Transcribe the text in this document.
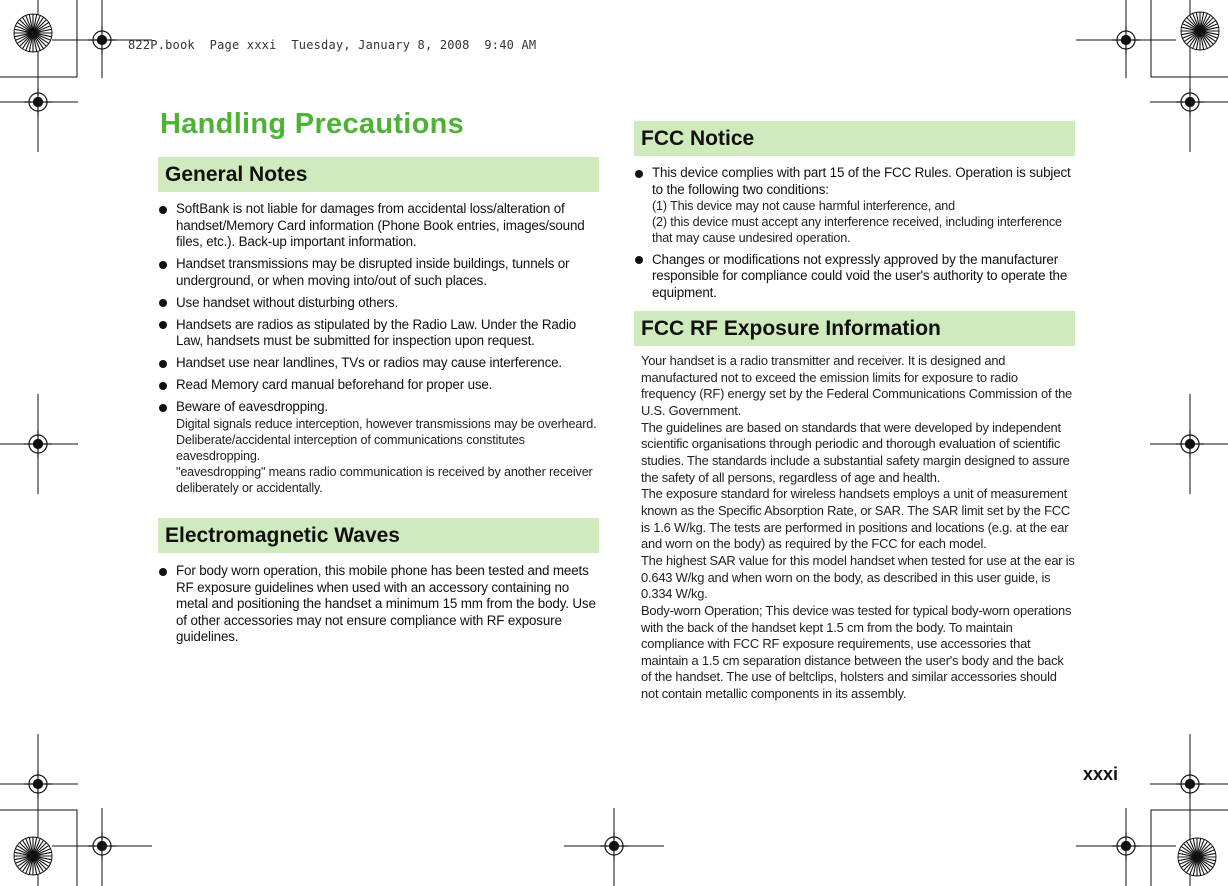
822P.book  Page xxxi  Tuesday, January 8, 2008  9:40 AM
Handling Precautions
General Notes
SoftBank is not liable for damages from accidental loss/alteration of handset/Memory Card information (Phone Book entries, images/sound files, etc.). Back-up important information.
Handset transmissions may be disrupted inside buildings, tunnels or underground, or when moving into/out of such places.
Use handset without disturbing others.
Handsets are radios as stipulated by the Radio Law. Under the Radio Law, handsets must be submitted for inspection upon request.
Handset use near landlines, TVs or radios may cause interference.
Read Memory card manual beforehand for proper use.
Beware of eavesdropping.
Digital signals reduce interception, however transmissions may be overheard. Deliberate/accidental interception of communications constitutes eavesdropping.
"eavesdropping" means radio communication is received by another receiver deliberately or accidentally.
Electromagnetic Waves
For body worn operation, this mobile phone has been tested and meets RF exposure guidelines when used with an accessory containing no metal and positioning the handset a minimum 15 mm from the body. Use of other accessories may not ensure compliance with RF exposure guidelines.
FCC Notice
This device complies with part 15 of the FCC Rules. Operation is subject to the following two conditions:
(1) This device may not cause harmful interference, and
(2) this device must accept any interference received, including interference that may cause undesired operation.
Changes or modifications not expressly approved by the manufacturer responsible for compliance could void the user's authority to operate the equipment.
FCC RF Exposure Information
Your handset is a radio transmitter and receiver. It is designed and manufactured not to exceed the emission limits for exposure to radio frequency (RF) energy set by the Federal Communications Commission of the U.S. Government.
The guidelines are based on standards that were developed by independent scientific organisations through periodic and thorough evaluation of scientific studies. The standards include a substantial safety margin designed to assure the safety of all persons, regardless of age and health.
The exposure standard for wireless handsets employs a unit of measurement known as the Specific Absorption Rate, or SAR. The SAR limit set by the FCC is 1.6 W/kg. The tests are performed in positions and locations (e.g. at the ear and worn on the body) as required by the FCC for each model.
The highest SAR value for this model handset when tested for use at the ear is 0.643 W/kg and when worn on the body, as described in this user guide, is 0.334 W/kg.
Body-worn Operation; This device was tested for typical body-worn operations with the back of the handset kept 1.5 cm from the body. To maintain compliance with FCC RF exposure requirements, use accessories that maintain a 1.5 cm separation distance between the user's body and the back of the handset. The use of beltclips, holsters and similar accessories should not contain metallic components in its assembly.
xxxi
